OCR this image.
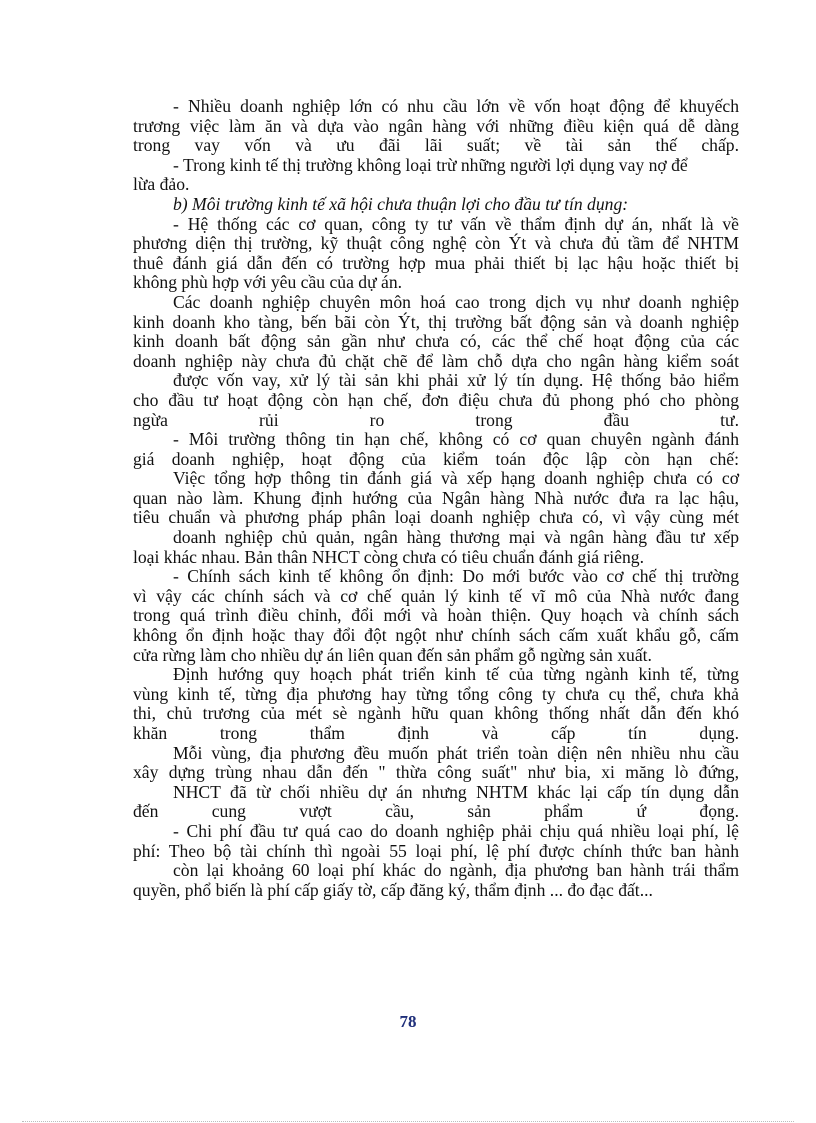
- Nhiều doanh nghiệp lớn có nhu cầu lớn về vốn hoạt động để khuyếch
trương việc làm ăn và dựa vào ngân hàng với những điều kiện quá dễ dàng
trong vay vốn và ưu đãi lãi suất; về tài sản thế chấp.
- Trong kinh tế thị trường không loại trừ những người lợi dụng vay nợ để
lừa đảo.
b) Môi trường kinh tế xã hội chưa thuận lợi cho đầu tư tín dụng:
- Hệ thống các cơ quan, công ty tư vấn về thẩm định dự án, nhất là về
phương diện thị trường, kỹ thuật công nghệ còn Ýt và chưa đủ tầm để NHTM
thuê đánh giá dẫn đến có trường hợp mua phải thiết bị lạc hậu hoặc thiết bị
không phù hợp với yêu cầu của dự án.
Các doanh nghiệp chuyên môn hoá cao trong dịch vụ như doanh nghiệp
kinh doanh kho tàng, bến bãi còn Ýt, thị trường bất động sản và doanh nghiệp
kinh doanh bất động sản gần như chưa có, các thể chế hoạt động của các
doanh nghiệp này chưa đủ chặt chẽ để làm chỗ dựa cho ngân hàng kiểm soát
được vốn vay, xử lý tài sản khi phải xử lý tín dụng. Hệ thống bảo hiểm
cho đầu tư hoạt động còn hạn chế, đơn điệu chưa đủ phong phó cho phòng
ngừa rủi ro trong đầu tư.
- Môi trường thông tin hạn chế, không có cơ quan chuyên ngành đánh
giá doanh nghiệp, hoạt động của kiểm toán độc lập còn hạn chế:
Việc tổng hợp thông tin đánh giá và xếp hạng doanh nghiệp chưa có cơ
quan nào làm. Khung định hướng của Ngân hàng Nhà nước đưa ra lạc hậu,
tiêu chuẩn và phương pháp phân loại doanh nghiệp chưa có, vì vậy cùng mét
doanh nghiệp chủ quản, ngân hàng thương mại và ngân hàng đầu tư xếp
loại khác nhau. Bản thân NHCT còng chưa có tiêu chuẩn đánh giá riêng.
- Chính sách kinh tế không ổn định: Do mới bước vào cơ chế thị trường
vì vậy các chính sách và cơ chế quản lý kinh tế vĩ mô của Nhà nước đang
trong quá trình điều chỉnh, đổi mới và hoàn thiện. Quy hoạch và chính sách
không ổn định hoặc thay đổi đột ngột như chính sách cấm xuất khẩu gỗ, cấm
cửa rừng làm cho nhiều dự án liên quan đến sản phẩm gỗ ngừng sản xuất.
Định hướng quy hoạch phát triển kinh tế của từng ngành kinh tế, từng
vùng kinh tế, từng địa phương hay từng tổng công ty chưa cụ thể, chưa khả
thi, chủ trương của mét sè ngành hữu quan không thống nhất dẫn đến khó
khăn trong thẩm định và cấp tín dụng.
Mỗi vùng, địa phương đều muốn phát triển toàn diện nên nhiều nhu cầu
xây dựng trùng nhau dẫn đến " thừa công suất" như bia, xi măng lò đứng,
NHCT đã từ chối nhiều dự án nhưng NHTM khác lại cấp tín dụng dẫn
đến cung vượt cầu, sản phẩm ứ đọng.
- Chi phí đầu tư quá cao do doanh nghiệp phải chịu quá nhiều loại phí, lệ
phí: Theo bộ tài chính thì ngoài 55 loại phí, lệ phí được chính thức ban hành
còn lại khoảng 60 loại phí khác do ngành, địa phương ban hành trái thẩm
quyền, phổ biến là phí cấp giấy tờ, cấp đăng ký, thẩm định ... đo đạc đất...
78
